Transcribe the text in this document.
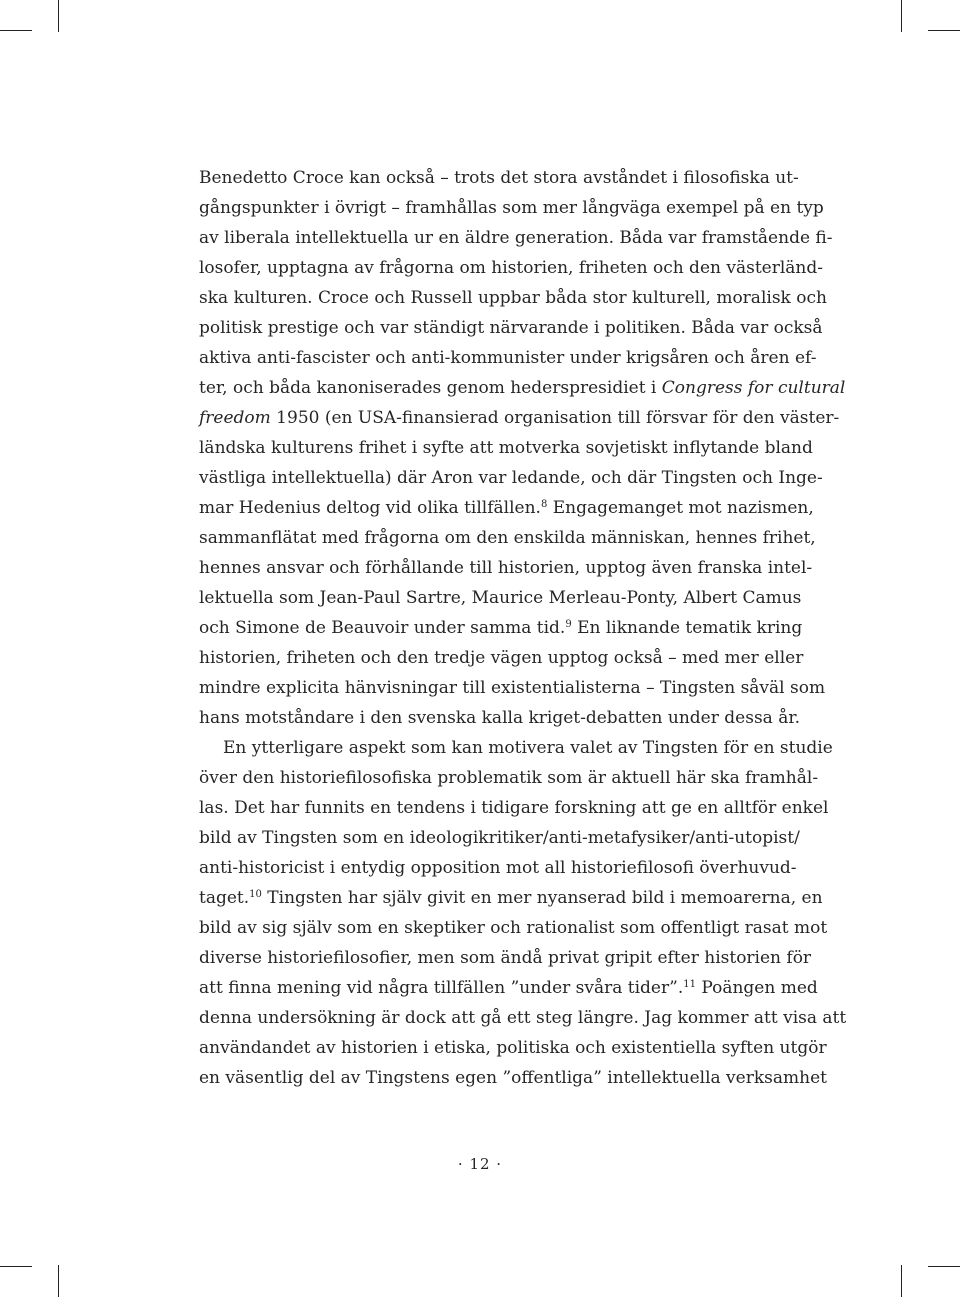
Benedetto Croce kan också – trots det stora avståndet i filosofiska ut-
gångspunkter i övrigt – framhållas som mer långväga exempel på en typ
av liberala intellektuella ur en äldre generation. Båda var framstående fi-
losofer, upptagna av frågorna om historien, friheten och den västerländ-
ska kulturen. Croce och Russell uppbar båda stor kulturell, moralisk och
politisk prestige och var ständigt närvarande i politiken. Båda var också
aktiva anti-fascister och anti-kommunister under krigsåren och åren ef-
ter, och båda kanoniserades genom hederspresidiet i Congress for cultural
freedom 1950 (en USA-finansierad organisation till försvar för den väster-
ländska kulturens frihet i syfte att motverka sovjetiskt inflytande bland
västliga intellektuella) där Aron var ledande, och där Tingsten och Inge-
mar Hedenius deltog vid olika tillfällen.$^8$ Engagemanget mot nazismen,
sammanflätat med frågorna om den enskilda människan, hennes frihet,
hennes ansvar och förhållande till historien, upptog även franska intel-
lektuella som Jean-Paul Sartre, Maurice Merleau-Ponty, Albert Camus
och Simone de Beauvoir under samma tid.$^9$ En liknande tematik kring
historien, friheten och den tredje vägen upptog också – med mer eller
mindre explicita hänvisningar till existentialisterna – Tingsten såväl som
hans motståndare i den svenska kalla kriget-debatten under dessa år.
En ytterligare aspekt som kan motivera valet av Tingsten för en studie
över den historiefilosofiska problematik som är aktuell här ska framhål-
las. Det har funnits en tendens i tidigare forskning att ge en alltför enkel
bild av Tingsten som en ideologikritiker/anti-metafysiker/anti-utopist/
anti-historicist i entydig opposition mot all historiefilosofi överhuvud-
taget.$^{10}$ Tingsten har själv givit en mer nyanserad bild i memoarerna, en
bild av sig själv som en skeptiker och rationalist som offentligt rasat mot
diverse historiefilosofier, men som ändå privat gripit efter historien för
att finna mening vid några tillfällen ”under svåra tider”.$^{11}$ Poängen med
denna undersökning är dock att gå ett steg längre. Jag kommer att visa att
användandet av historien i etiska, politiska och existentiella syften utgör
en väsentlig del av Tingstens egen ”offentliga” intellektuella verksamhet
· 12 ·
